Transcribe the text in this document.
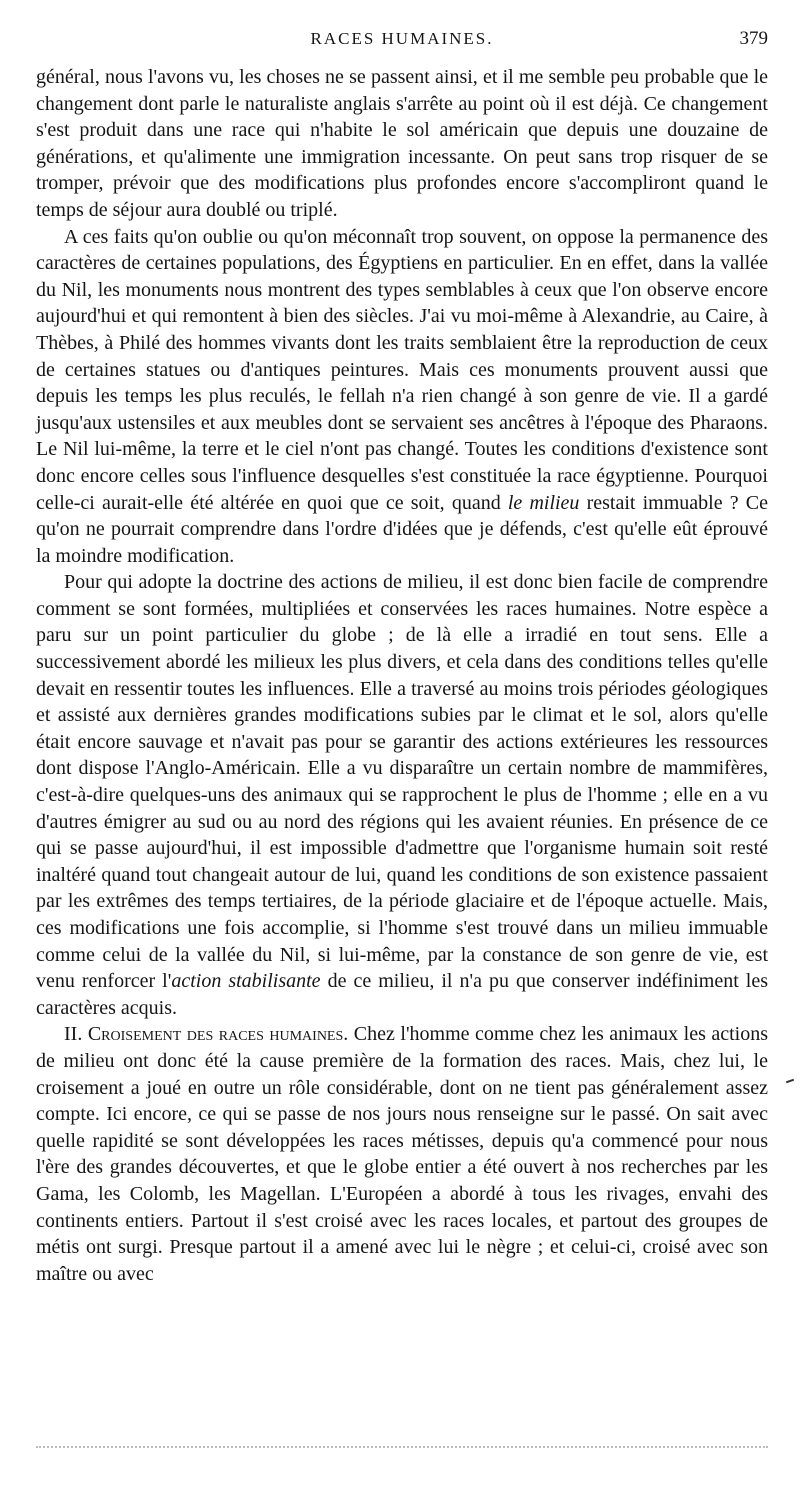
RACES HUMAINES.	379

général, nous l'avons vu, les choses ne se passent ainsi, et il me semble peu probable que le changement dont parle le naturaliste anglais s'arrête au point où il est déjà. Ce changement s'est produit dans une race qui n'habite le sol américain que depuis une douzaine de générations, et qu'alimente une immigration incessante. On peut sans trop risquer de se tromper, prévoir que des modifications plus profondes encore s'accompliront quand le temps de séjour aura doublé ou triplé.

A ces faits qu'on oublie ou qu'on méconnaît trop souvent, on oppose la permanence des caractères de certaines populations, des Égyptiens en particulier. En en effet, dans la vallée du Nil, les monuments nous montrent des types semblables à ceux que l'on observe encore aujourd'hui et qui remontent à bien des siècles. J'ai vu moi-même à Alexandrie, au Caire, à Thèbes, à Philé des hommes vivants dont les traits semblaient être la reproduction de ceux de certaines statues ou d'antiques peintures. Mais ces monuments prouvent aussi que depuis les temps les plus reculés, le fellah n'a rien changé à son genre de vie. Il a gardé jusqu'aux ustensiles et aux meubles dont se servaient ses ancêtres à l'époque des Pharaons. Le Nil lui-même, la terre et le ciel n'ont pas changé. Toutes les conditions d'existence sont donc encore celles sous l'influence desquelles s'est constituée la race égyptienne. Pourquoi celle-ci aurait-elle été altérée en quoi que ce soit, quand le milieu restait immuable ? Ce qu'on ne pourrait comprendre dans l'ordre d'idées que je défends, c'est qu'elle eût éprouvé la moindre modification.

Pour qui adopte la doctrine des actions de milieu, il est donc bien facile de comprendre comment se sont formées, multipliées et conservées les races humaines. Notre espèce a paru sur un point particulier du globe ; de là elle a irradié en tout sens. Elle a successivement abordé les milieux les plus divers, et cela dans des conditions telles qu'elle devait en ressentir toutes les influences. Elle a traversé au moins trois périodes géologiques et assisté aux dernières grandes modifications subies par le climat et le sol, alors qu'elle était encore sauvage et n'avait pas pour se garantir des actions extérieures les ressources dont dispose l'Anglo-Américain. Elle a vu disparaître un certain nombre de mammifères, c'est-à-dire quelques-uns des animaux qui se rapprochent le plus de l'homme ; elle en a vu d'autres émigrer au sud ou au nord des régions qui les avaient réunies. En présence de ce qui se passe aujourd'hui, il est impossible d'admettre que l'organisme humain soit resté inaltéré quand tout changeait autour de lui, quand les conditions de son existence passaient par les extrêmes des temps tertiaires, de la période glaciaire et de l'époque actuelle. Mais, ces modifications une fois accomplie, si l'homme s'est trouvé dans un milieu immuable comme celui de la vallée du Nil, si lui-même, par la constance de son genre de vie, est venu renforcer l'action stabilisante de ce milieu, il n'a pu que conserver indéfiniment les caractères acquis.

II. Croisement des races humaines. Chez l'homme comme chez les animaux les actions de milieu ont donc été la cause première de la formation des races. Mais, chez lui, le croisement a joué en outre un rôle considérable, dont on ne tient pas généralement assez compte. Ici encore, ce qui se passe de nos jours nous renseigne sur le passé. On sait avec quelle rapidité se sont développées les races métisses, depuis qu'a commencé pour nous l'ère des grandes découvertes, et que le globe entier a été ouvert à nos recherches par les Gama, les Colomb, les Magellan. L'Européen a abordé à tous les rivages, envahi des continents entiers. Partout il s'est croisé avec les races locales, et partout des groupes de métis ont surgi. Presque partout il a amené avec lui le nègre ; et celui-ci, croisé avec son maître ou avec
